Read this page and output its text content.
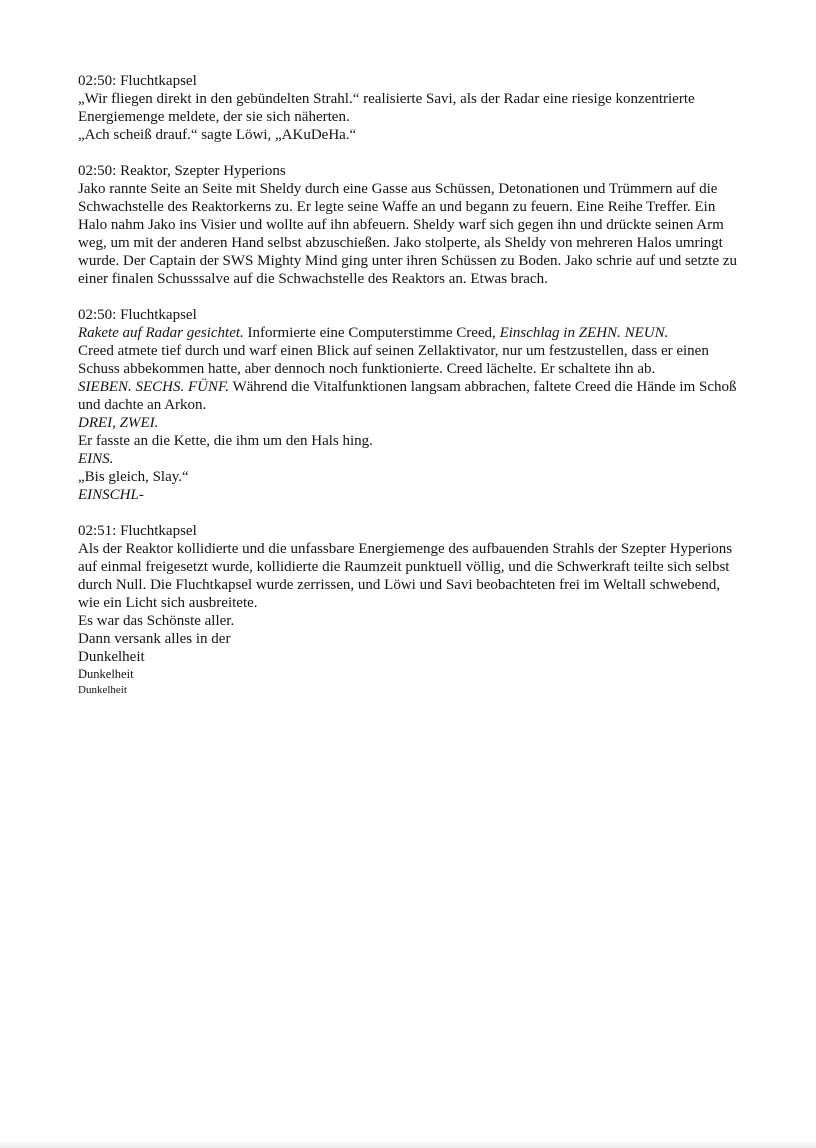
02:50: Fluchtkapsel
„Wir fliegen direkt in den gebündelten Strahl.“ realisierte Savi, als der Radar eine riesige konzentrierte Energiemenge meldete, der sie sich näherten.
„Ach scheiß drauf.“ sagte Löwi, „AKuDeHa.“
02:50: Reaktor, Szepter Hyperions
Jako rannte Seite an Seite mit Sheldy durch eine Gasse aus Schüssen, Detonationen und Trümmern auf die Schwachstelle des Reaktorkerns zu. Er legte seine Waffe an und begann zu feuern. Eine Reihe Treffer. Ein Halo nahm Jako ins Visier und wollte auf ihn abfeuern. Sheldy warf sich gegen ihn und drückte seinen Arm weg, um mit der anderen Hand selbst abzuschießen. Jako stolperte, als Sheldy von mehreren Halos umringt wurde. Der Captain der SWS Mighty Mind ging unter ihren Schüssen zu Boden. Jako schrie auf und setzte zu einer finalen Schusssalve auf die Schwachstelle des Reaktors an. Etwas brach.
02:50: Fluchtkapsel
Rakete auf Radar gesichtet. Informierte eine Computerstimme Creed, Einschlag in ZEHN. NEUN.
Creed atmete tief durch und warf einen Blick auf seinen Zellaktivator, nur um festzustellen, dass er einen Schuss abbekommen hatte, aber dennoch noch funktionierte. Creed lächelte. Er schaltete ihn ab.
SIEBEN. SECHS. FÜNF. Während die Vitalfunktionen langsam abbrachen, faltete Creed die Hände im Schoß und dachte an Arkon.
DREI, ZWEI.
Er fasste an die Kette, die ihm um den Hals hing.
EINS.
„Bis gleich, Slay.“
EINSCHL-
02:51: Fluchtkapsel
Als der Reaktor kollidierte und die unfassbare Energiemenge des aufbauenden Strahls der Szepter Hyperions auf einmal freigesetzt wurde, kollidierte die Raumzeit punktuell völlig, und die Schwerkraft teilte sich selbst durch Null. Die Fluchtkapsel wurde zerrissen, und Löwi und Savi beobachteten frei im Weltall schwebend, wie ein Licht sich ausbreitete.
Es war das Schönste aller.
Dann versank alles in der
Dunkelheit
Dunkelheit
Dunkelheit
